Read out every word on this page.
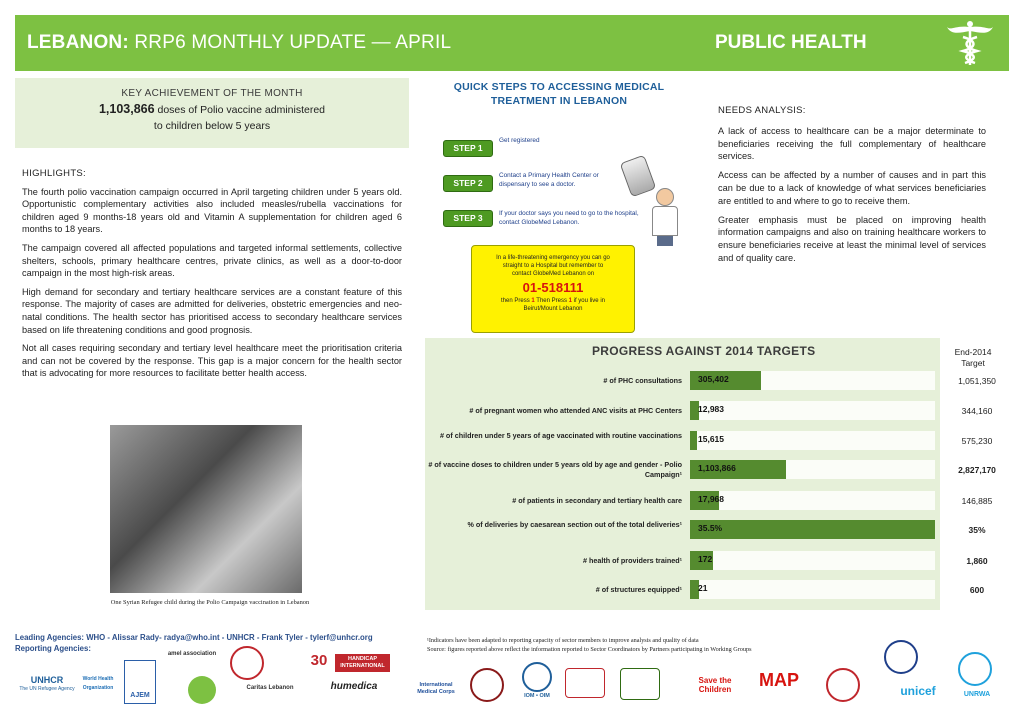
LEBANON: RRP6 MONTHLY UPDATE — APRIL	PUBLIC HEALTH
KEY ACHIEVEMENT OF THE MONTH
1,103,866 doses of Polio vaccine administered
to children below 5 years
HIGHLIGHTS:

The fourth polio vaccination campaign occurred in April targeting children under 5 years old. Opportunistic complementary activities also included measles/rubella vaccinations for children aged 9 months-18 years old and Vitamin A supplementation for children aged 6 months to 18 years.

The campaign covered all affected populations and targeted informal settlements, collective shelters, schools, primary healthcare centres, private clinics, as well as a door-to-door campaign in the most high-risk areas.

High demand for secondary and tertiary healthcare services are a constant feature of this response. The majority of cases are admitted for deliveries, obstetric emergencies and neo-natal conditions. The health sector has prioritised access to secondary healthcare services based on life threatening conditions and good prognosis.

Not all cases requiring secondary and tertiary level healthcare meet the prioritisation criteria and can not be covered by the response. This gap is a major concern for the health sector that is advocating for more resources to facilitate better health access.

One Syrian Refugee child during the Polio Campaign vaccination in Lebanon
QUICK STEPS TO ACCESSING MEDICAL
TREATMENT IN LEBANON
STEP 1
Get registered
STEP 2
Contact a Primary Health Center or dispensary to see a doctor.
STEP 3	If your doctor says you need to go to the hospital, contact GlobeMed Lebanon.
In a life-threatening emergency you can go
straight to a Hospital but remember to
contact GlobeMed Lebanon on
01-518111
then Press 1 Then Press 1 if you live in
Beirut/Mount Lebanon
NEEDS ANALYSIS:

A lack of access to healthcare can be a major determinate to beneficiaries receiving the full complementary of healthcare services.

Access can be affected by a number of causes and in part this can be due to a lack of knowledge of what services beneficiaries are entitled to and where to go to receive them.

Greater emphasis must be placed on improving health information campaigns and also on training healthcare workers to ensure beneficiaries receive at least the minimal level of services and of quality care.

PROGRESS AGAINST 2014 TARGETS	End-2014
Target
# of PHC consultations 305,402	1,051,350
# of pregnant women who attended ANC visits at PHC Centers 12,983	344,160
# of children under 5 years of age vaccinated with routine vaccinations 15,615	575,230
# of vaccine doses to children under 5 years old by age and gender - Polio Campaign¹
1,103,866	2,827,170
# of patients in secondary and tertiary health care 17,968	146,885
% of deliveries by caesarean section out of the total deliveries¹ 35.5%	35%
# health of providers trained¹ 172	1,860
# of structures equipped¹ 21	600
Leading Agencies: WHO - Alissar Rady- radya@who.int - UNHCR - Frank Tyler - tylerf@unhcr.org
Reporting Agencies:
¹Indicators have been adapted to reporting capacity of sector members to improve analysis and quality of data
Source: figures reported above reflect the information reported to Sector Coordinators by Partners participating in Working Groups
UNHCR
The UN Refugee Agency
World Health Organization
AJEM
amel association
Caritas Lebanon
30	HANDICAP INTERNATIONAL
humedica	International Medical Corps
IOM • OIM
Save the Children	MAP
unicef	UNRWA
